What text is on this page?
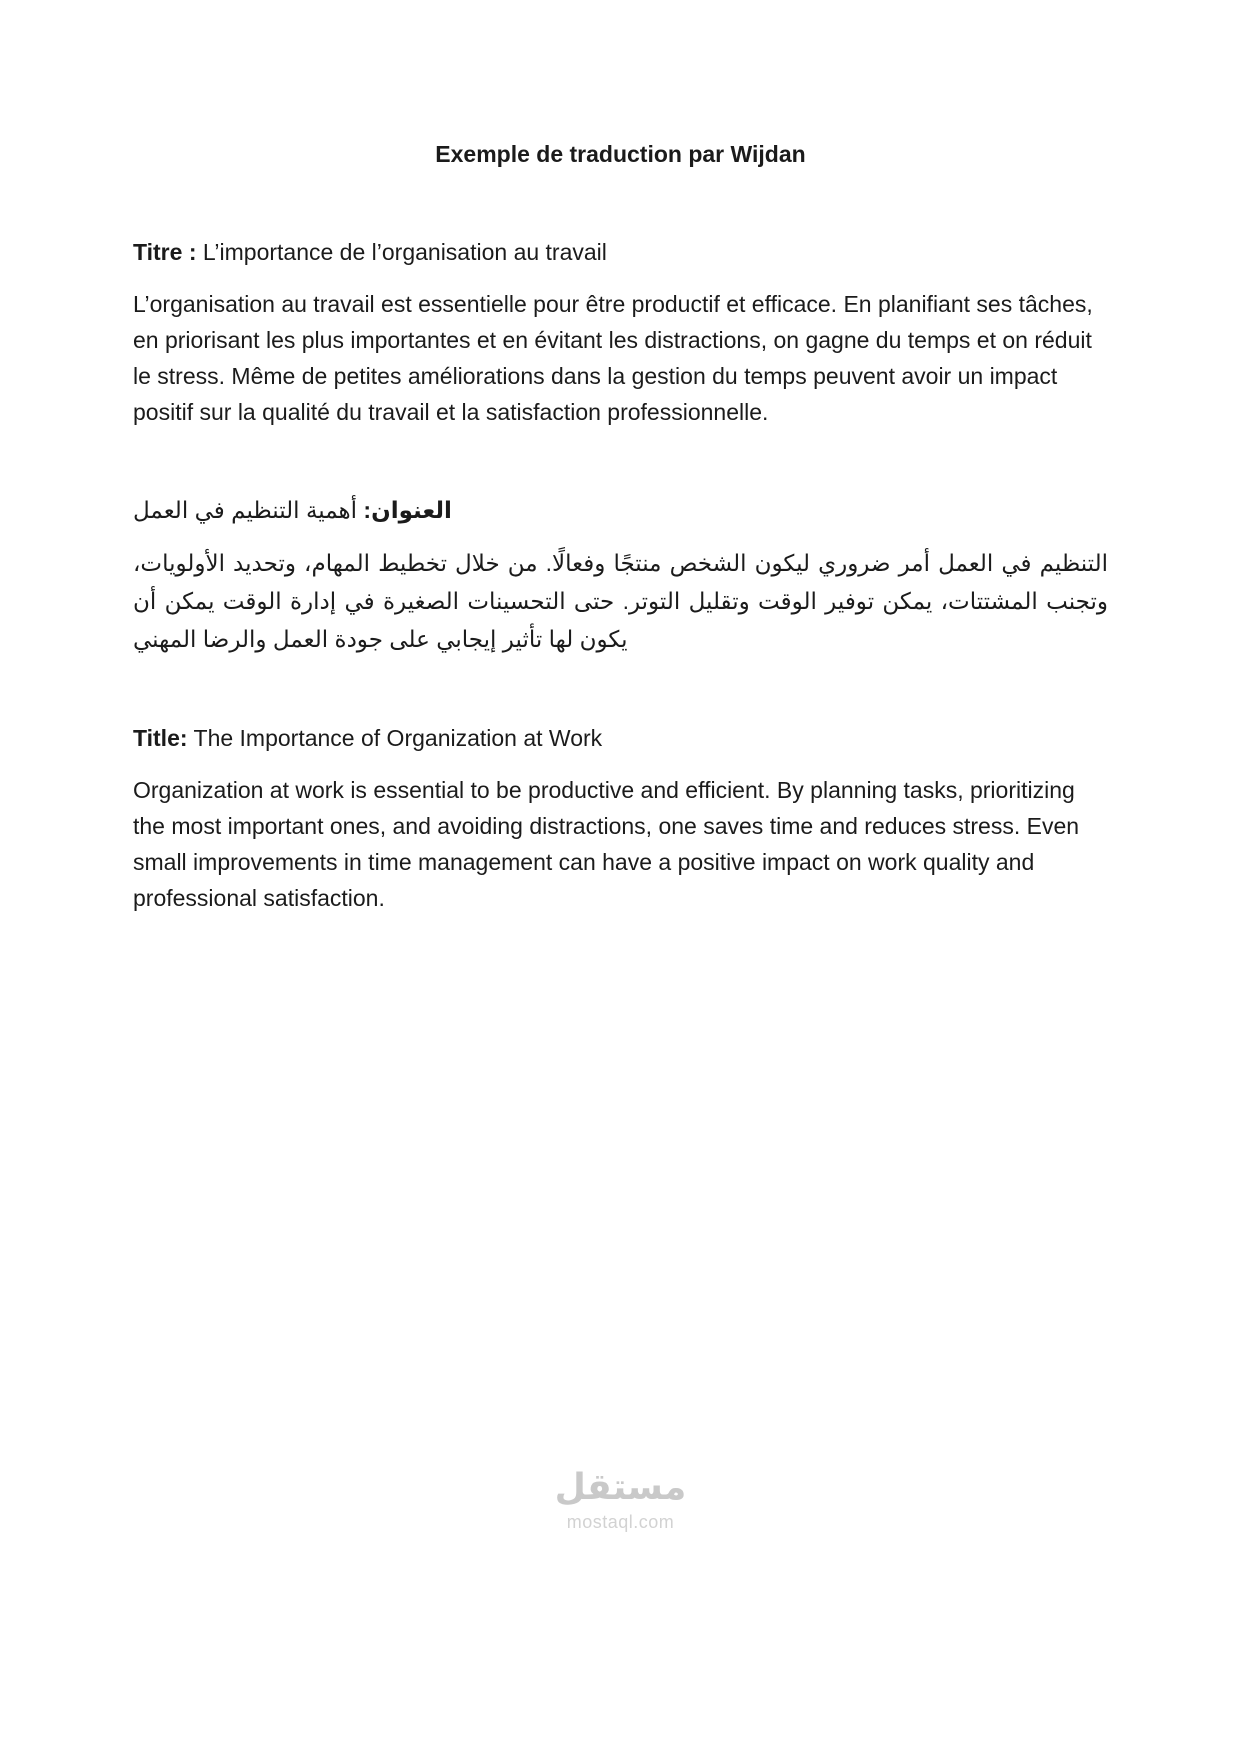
Exemple de traduction par Wijdan

Titre : L’importance de l’organisation au travail

L’organisation au travail est essentielle pour être productif et efficace. En planifiant ses tâches, en priorisant les plus importantes et en évitant les distractions, on gagne du temps et on réduit le stress. Même de petites améliorations dans la gestion du temps peuvent avoir un impact positif sur la qualité du travail et la satisfaction professionnelle.

العنوان: أهمية التنظيم في العمل

التنظيم في العمل أمر ضروري ليكون الشخص منتجًا وفعالًا. من خلال تخطيط المهام، وتحديد الأولويات، وتجنب المشتتات، يمكن توفير الوقت وتقليل التوتر. حتى التحسينات الصغيرة في إدارة الوقت يمكن أن يكون لها تأثير إيجابي على جودة العمل والرضا المهني

Title: The Importance of Organization at Work

Organization at work is essential to be productive and efficient. By planning tasks, prioritizing the most important ones, and avoiding distractions, one saves time and reduces stress. Even small improvements in time management can have a positive impact on work quality and professional satisfaction.

مستقل
mostaql.com
